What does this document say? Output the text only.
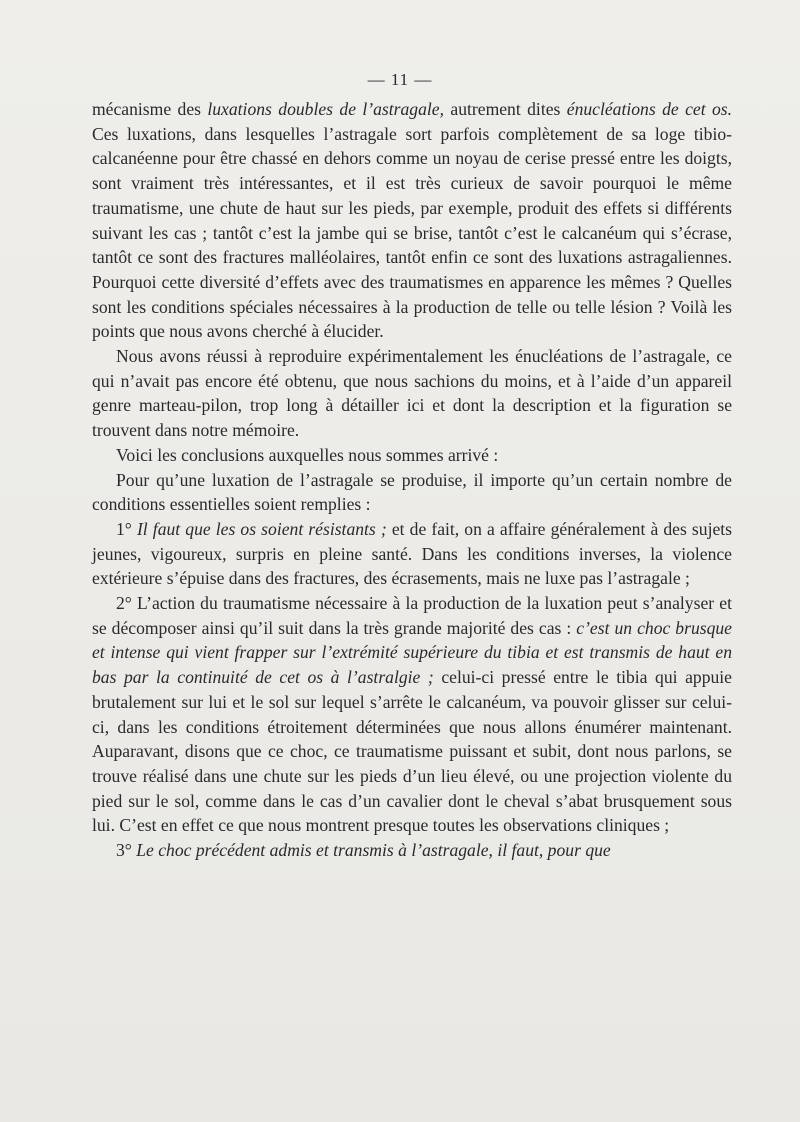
— 11 —

mécanisme des luxations doubles de l’astragale, autrement dites énucléations de cet os. Ces luxations, dans lesquelles l’astragale sort parfois complètement de sa loge tibio-calcanéenne pour être chassé en dehors comme un noyau de cerise pressé entre les doigts, sont vraiment très intéressantes, et il est très curieux de savoir pourquoi le même traumatisme, une chute de haut sur les pieds, par exemple, produit des effets si différents suivant les cas ; tantôt c’est la jambe qui se brise, tantôt c’est le calcanéum qui s’écrase, tantôt ce sont des fractures malléolaires, tantôt enfin ce sont des luxations astragaliennes. Pourquoi cette diversité d’effets avec des traumatismes en apparence les mêmes ? Quelles sont les conditions spéciales nécessaires à la production de telle ou telle lésion ? Voilà les points que nous avons cherché à élucider.

Nous avons réussi à reproduire expérimentalement les énucléations de l’astragale, ce qui n’avait pas encore été obtenu, que nous sachions du moins, et à l’aide d’un appareil genre marteau-pilon, trop long à détailler ici et dont la description et la figuration se trouvent dans notre mémoire.

Voici les conclusions auxquelles nous sommes arrivé :

Pour qu’une luxation de l’astragale se produise, il importe qu’un certain nombre de conditions essentielles soient remplies :

1° Il faut que les os soient résistants ; et de fait, on a affaire généralement à des sujets jeunes, vigoureux, surpris en pleine santé. Dans les conditions inverses, la violence extérieure s’épuise dans des fractures, des écrasements, mais ne luxe pas l’astragale ;

2° L’action du traumatisme nécessaire à la production de la luxation peut s’analyser et se décomposer ainsi qu’il suit dans la très grande majorité des cas : c’est un choc brusque et intense qui vient frapper sur l’extrémité supérieure du tibia et est transmis de haut en bas par la continuité de cet os à l’astralgie ; celui-ci pressé entre le tibia qui appuie brutalement sur lui et le sol sur lequel s’arrête le calcanéum, va pouvoir glisser sur celui-ci, dans les conditions étroitement déterminées que nous allons énumérer maintenant. Auparavant, disons que ce choc, ce traumatisme puissant et subit, dont nous parlons, se trouve réalisé dans une chute sur les pieds d’un lieu élevé, ou une projection violente du pied sur le sol, comme dans le cas d’un cavalier dont le cheval s’abat brusquement sous lui. C’est en effet ce que nous montrent presque toutes les observations cliniques ;

3° Le choc précédent admis et transmis à l’astragale, il faut, pour que
